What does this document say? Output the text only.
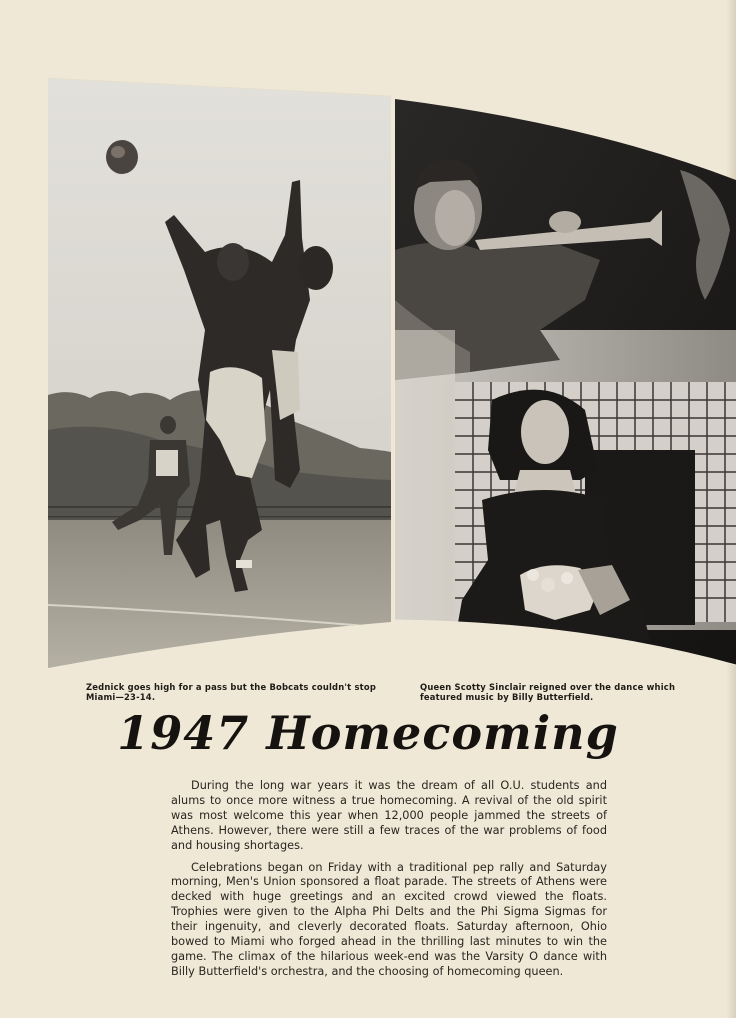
Zednick goes high for a pass but the Bobcats couldn't stop Miami—23-14.
Queen Scotty Sinclair reigned over the dance which featured music by Billy Butterfield.
1947 Homecoming

During the long war years it was the dream of all O.U. students and alums to once more witness a true homecoming. A revival of the old spirit was most welcome this year when 12,000 people jammed the streets of Athens. However, there were still a few traces of the war problems of food and housing shortages.

Celebrations began on Friday with a traditional pep rally and Saturday morning, Men's Union sponsored a float parade. The streets of Athens were decked with huge greetings and an excited crowd viewed the floats. Trophies were given to the Alpha Phi Delts and the Phi Sigma Sigmas for their ingenuity, and cleverly decorated floats. Saturday afternoon, Ohio bowed to Miami who forged ahead in the thrilling last minutes to win the game. The climax of the hilarious week-end was the Varsity O dance with Billy Butterfield's orchestra, and the choosing of homecoming queen.
